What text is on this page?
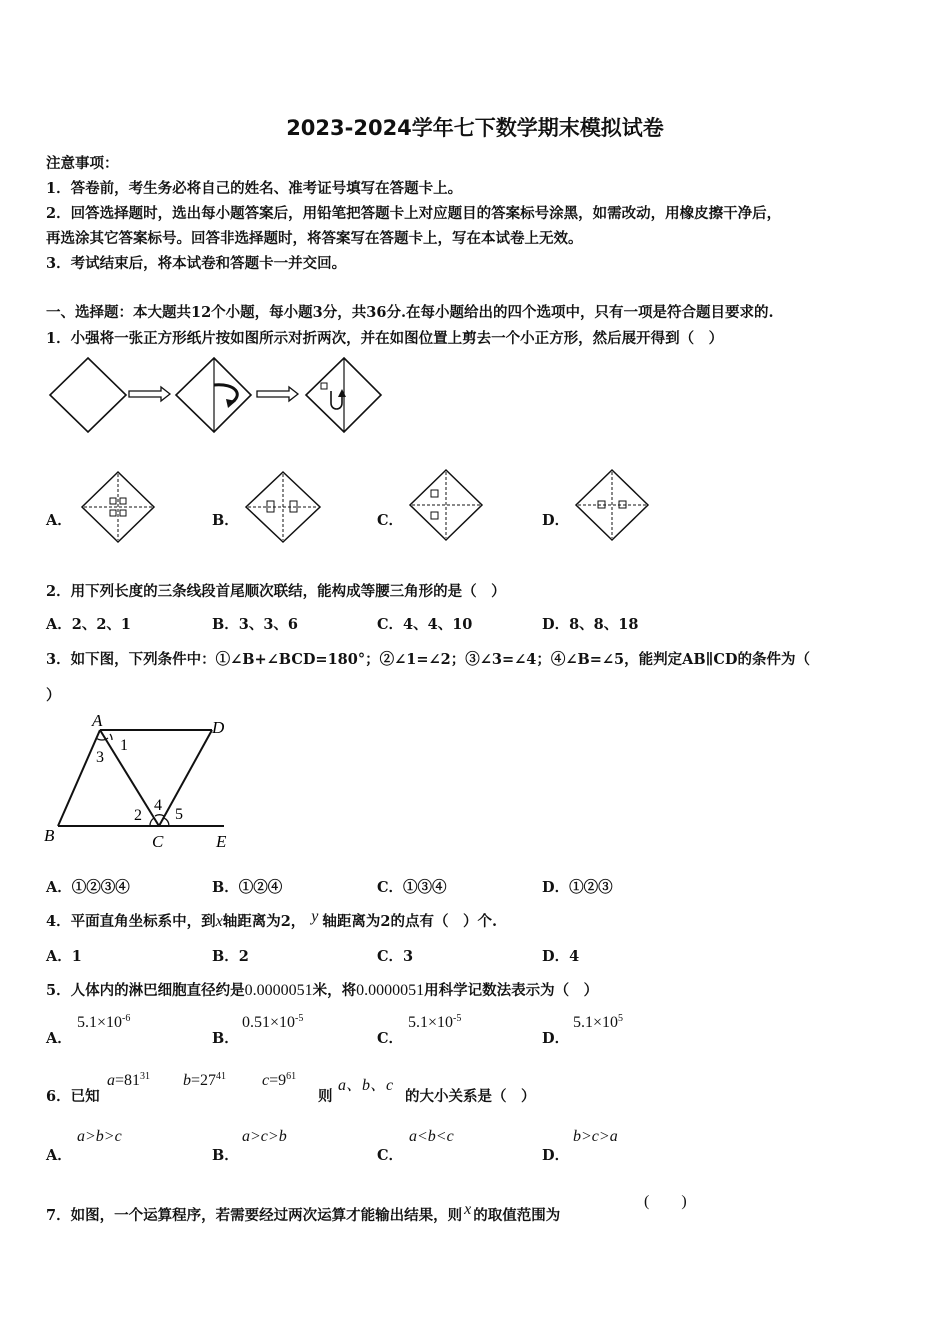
2023-2024学年七下数学期末模拟试卷
注意事项：
1．答卷前，考生务必将自己的姓名、准考证号填写在答题卡上。
2．回答选择题时，选出每小题答案后，用铅笔把答题卡上对应题目的答案标号涂黑，如需改动，用橡皮擦干净后，
再选涂其它答案标号。回答非选择题时，将答案写在答题卡上，写在本试卷上无效。
3．考试结束后，将本试卷和答题卡一并交回。
一、选择题：本大题共12个小题，每小题3分，共36分.在每小题给出的四个选项中，只有一项是符合题目要求的.
1．小强将一张正方形纸片按如图所示对折两次，并在如图位置上剪去一个小正方形，然后展开得到（　）
A．	B．	C．	D．
2．用下列长度的三条线段首尾顺次联结，能构成等腰三角形的是（　）
A．2、2、1	B．3、3、6	C．4、4、10	D．8、8、18
3．如下图，下列条件中：①∠B+∠BCD=180°；②∠1=∠2；③∠3=∠4；④∠B=∠5，能判定AB∥CD的条件为（
）
A	D
B	C	E
1
3
4
2 5
A．①②③④	B．①②④	C．①③④	D．①②③
4．平面直角坐标系中，到x轴距离为2， y 轴距离为2的点有（　）个.
A．1	B．2	C．3	D．4
5．人体内的淋巴细胞直径约是0.0000051米，将0.0000051用科学记数法表示为（　）
A．
$5.1\times 10^{-6}$
B．
$0.51\times 10^{-5}$
C．
$5.1\times 10^{-5}$
D．
$5.1\times 10^5$
6．已知
$a=81^{31}$ $b=27^{41}$ $c=9^{61}$
则
a、b、c
的大小关系是（　）
A．
a>b>c
B．
a>c>b
C．
a<b<c
D．
b>c>a
7．如图，一个运算程序，若需要经过两次运算才能输出结果，则 x 的取值范围为
(　　)
